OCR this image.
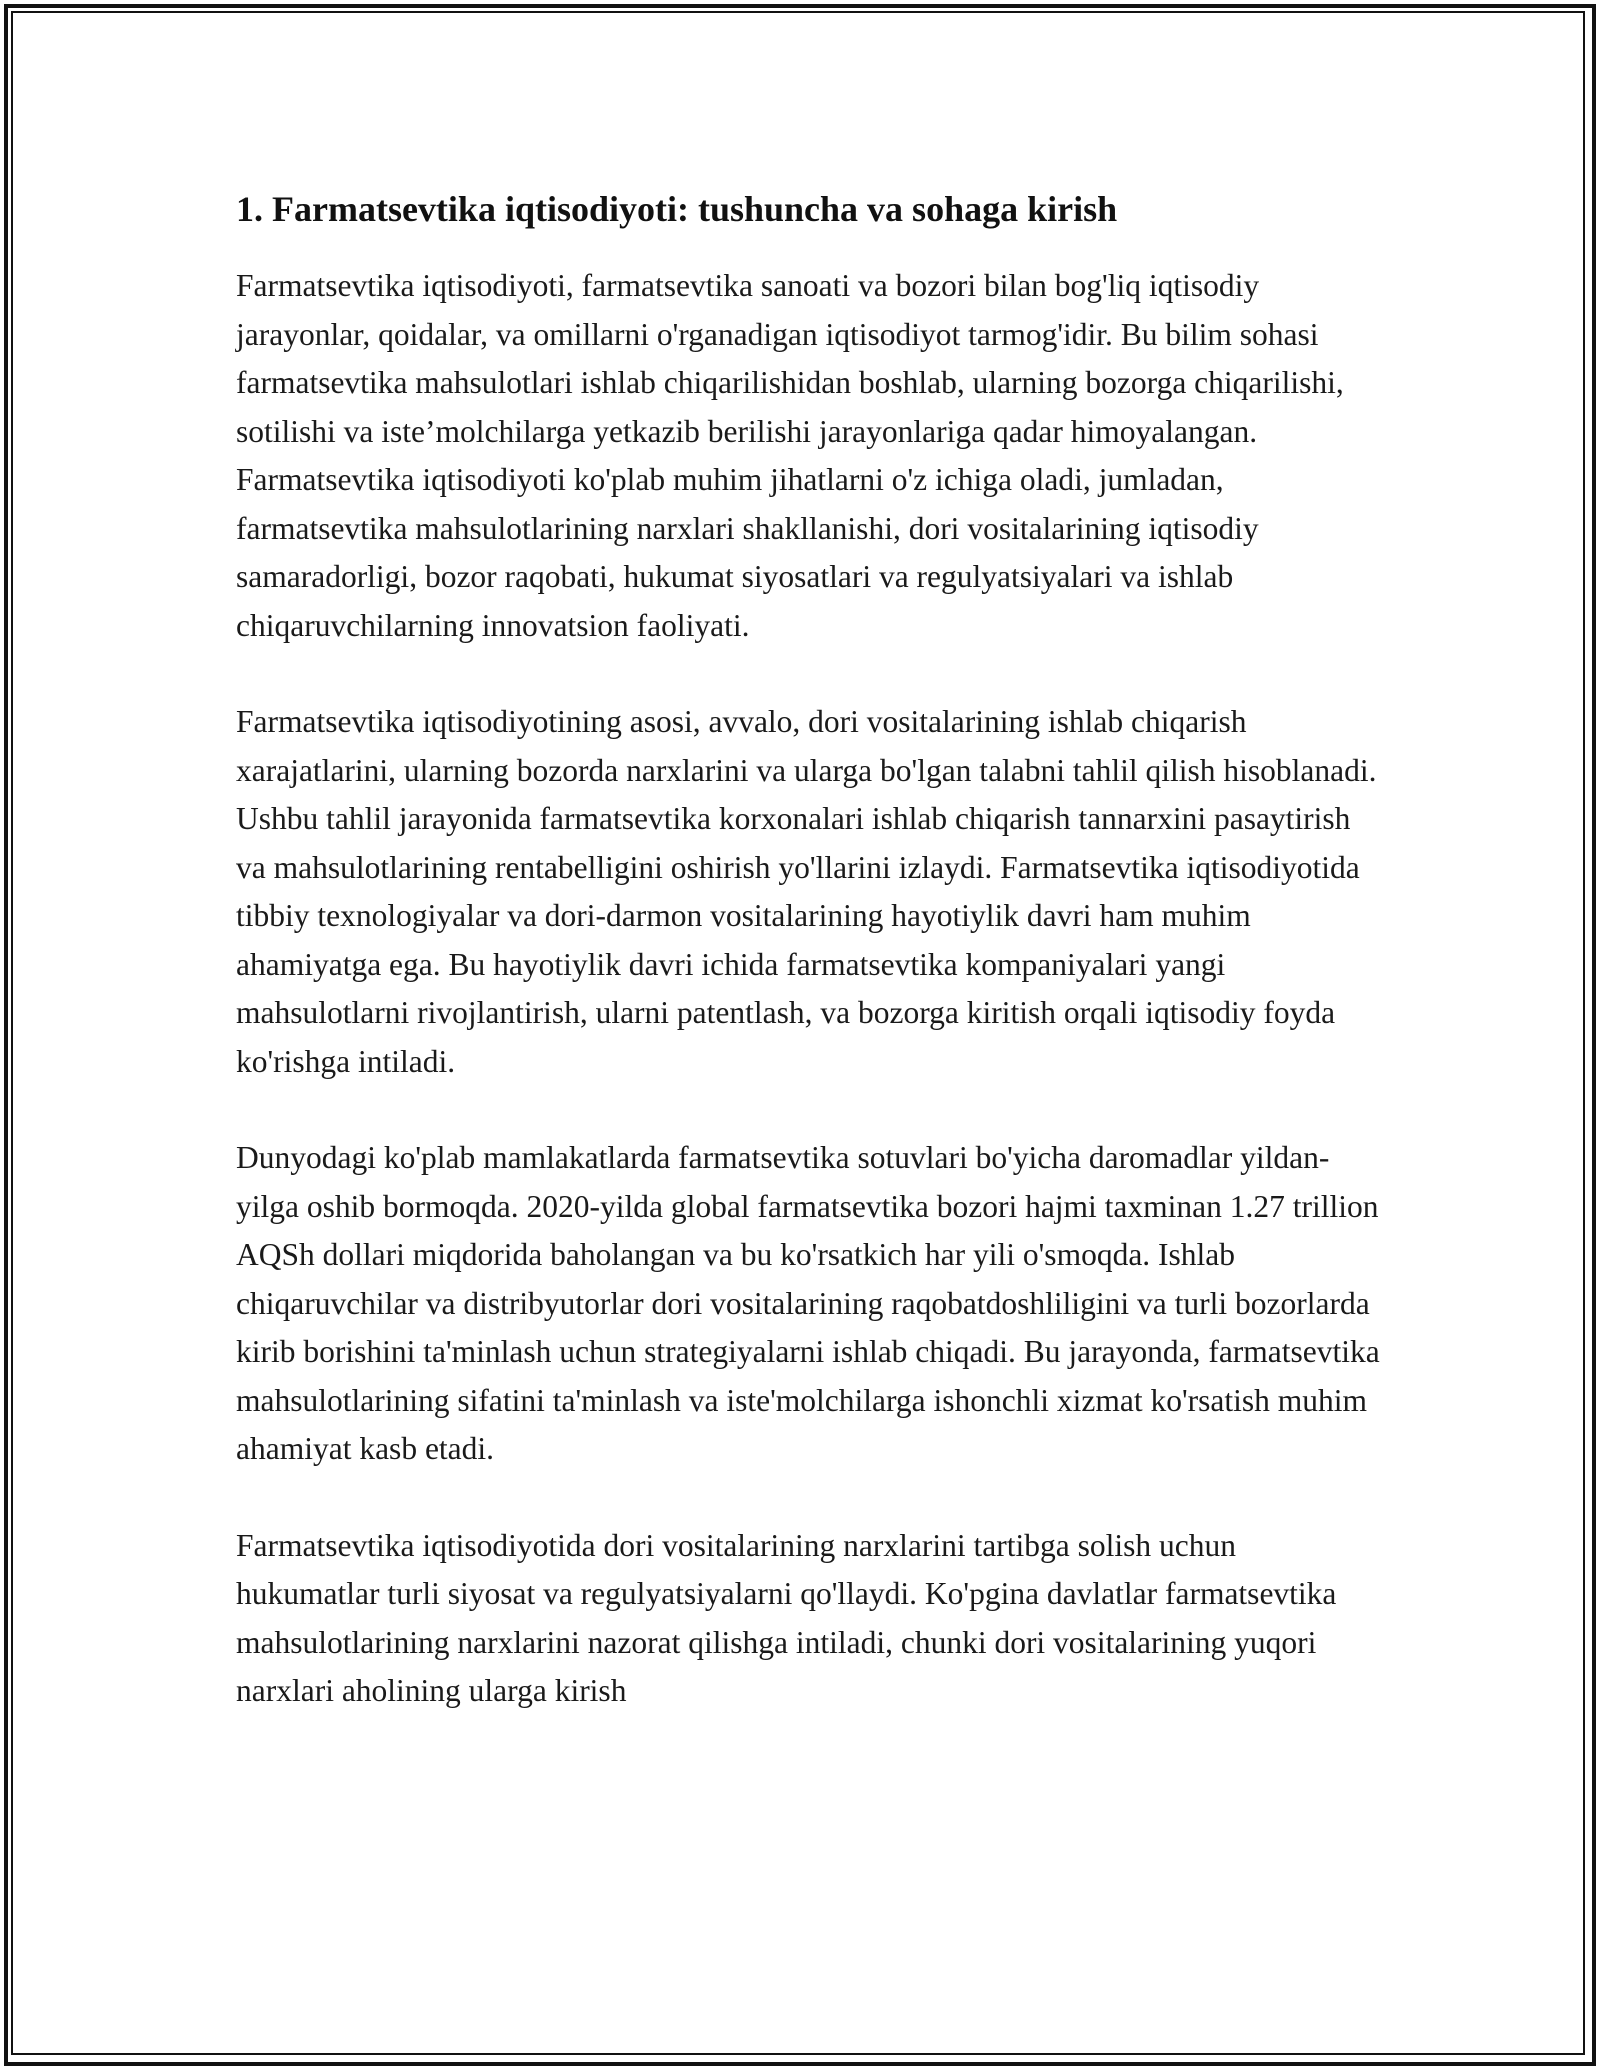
1. Farmatsevtika iqtisodiyoti: tushuncha va sohaga kirish

Farmatsevtika iqtisodiyoti, farmatsevtika sanoati va bozori bilan bog'liq iqtisodiy jarayonlar, qoidalar, va omillarni o'rganadigan iqtisodiyot tarmog'idir. Bu bilim sohasi farmatsevtika mahsulotlari ishlab chiqarilishidan boshlab, ularning bozorga chiqarilishi, sotilishi va iste’molchilarga yetkazib berilishi jarayonlariga qadar himoyalangan. Farmatsevtika iqtisodiyoti ko'plab muhim jihatlarni o'z ichiga oladi, jumladan, farmatsevtika mahsulotlarining narxlari shakllanishi, dori vositalarining iqtisodiy samaradorligi, bozor raqobati, hukumat siyosatlari va regulyatsiyalari va ishlab chiqaruvchilarning innovatsion faoliyati.

Farmatsevtika iqtisodiyotining asosi, avvalo, dori vositalarining ishlab chiqarish xarajatlarini, ularning bozorda narxlarini va ularga bo'lgan talabni tahlil qilish hisoblanadi. Ushbu tahlil jarayonida farmatsevtika korxonalari ishlab chiqarish tannarxini pasaytirish va mahsulotlarining rentabelligini oshirish yo'llarini izlaydi. Farmatsevtika iqtisodiyotida tibbiy texnologiyalar va dori-darmon vositalarining hayotiylik davri ham muhim ahamiyatga ega. Bu hayotiylik davri ichida farmatsevtika kompaniyalari yangi mahsulotlarni rivojlantirish, ularni patentlash, va bozorga kiritish orqali iqtisodiy foyda ko'rishga intiladi.

Dunyodagi ko'plab mamlakatlarda farmatsevtika sotuvlari bo'yicha daromadlar yildan-yilga oshib bormoqda. 2020-yilda global farmatsevtika bozori hajmi taxminan 1.27 trillion AQSh dollari miqdorida baholangan va bu ko'rsatkich har yili o'smoqda. Ishlab chiqaruvchilar va distribyutorlar dori vositalarining raqobatdoshliligini va turli bozorlarda kirib borishini ta'minlash uchun strategiyalarni ishlab chiqadi. Bu jarayonda, farmatsevtika mahsulotlarining sifatini ta'minlash va iste'molchilarga ishonchli xizmat ko'rsatish muhim ahamiyat kasb etadi.

Farmatsevtika iqtisodiyotida dori vositalarining narxlarini tartibga solish uchun hukumatlar turli siyosat va regulyatsiyalarni qo'llaydi. Ko'pgina davlatlar farmatsevtika mahsulotlarining narxlarini nazorat qilishga intiladi, chunki dori vositalarining yuqori narxlari aholining ularga kirish
